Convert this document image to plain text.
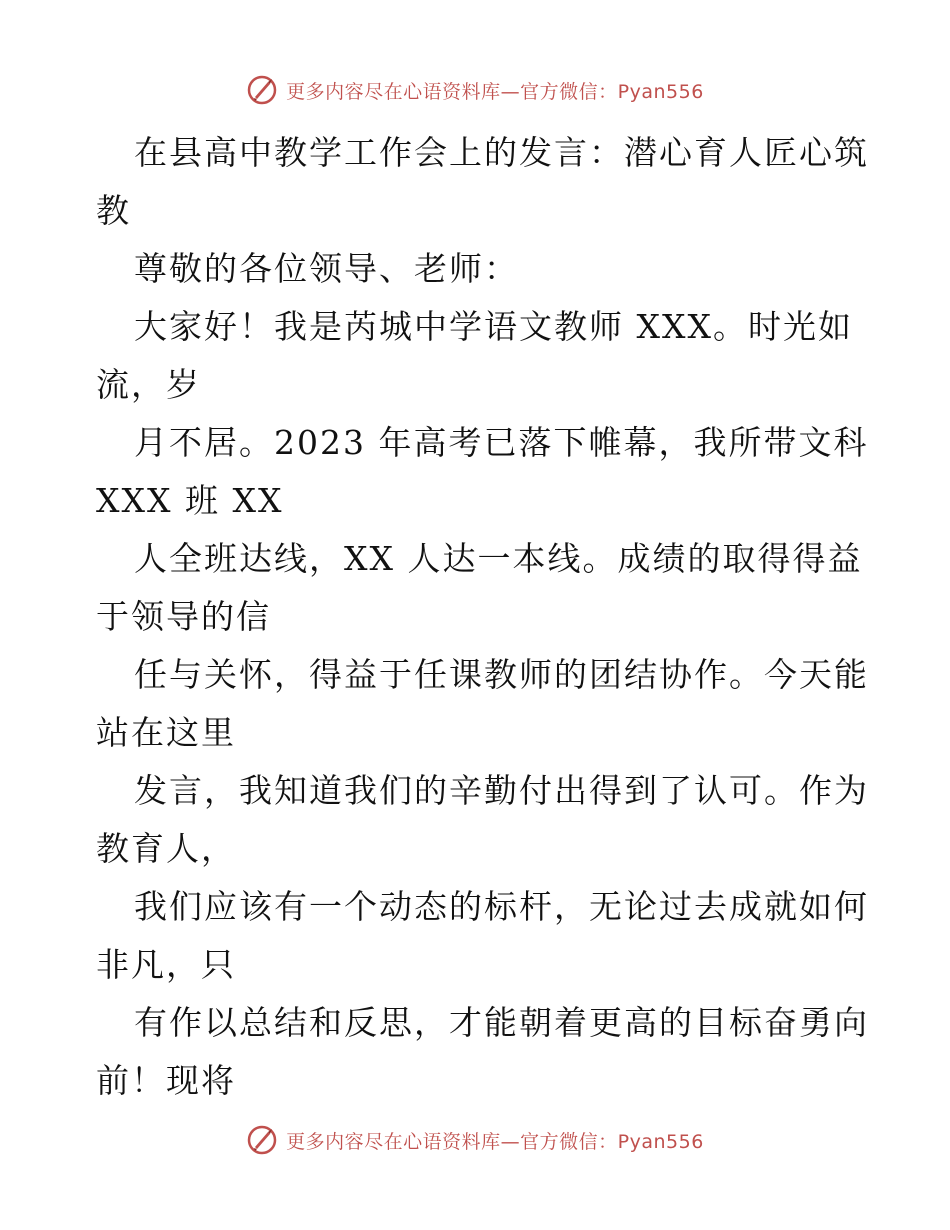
更多内容尽在心语资料库—官方微信：Pyan556
在县高中教学工作会上的发言：潜心育人匠心筑
教
尊敬的各位领导、老师：
大家好！我是芮城中学语文教师 XXX。时光如
流，岁
月不居。2023 年高考已落下帷幕，我所带文科
XXX 班 XX
人全班达线，XX 人达一本线。成绩的取得得益
于领导的信
任与关怀，得益于任课教师的团结协作。今天能
站在这里
发言，我知道我们的辛勤付出得到了认可。作为
教育人，
我们应该有一个动态的标杆，无论过去成就如何
非凡，只
有作以总结和反思，才能朝着更高的目标奋勇向
前！现将
更多内容尽在心语资料库—官方微信：Pyan556
